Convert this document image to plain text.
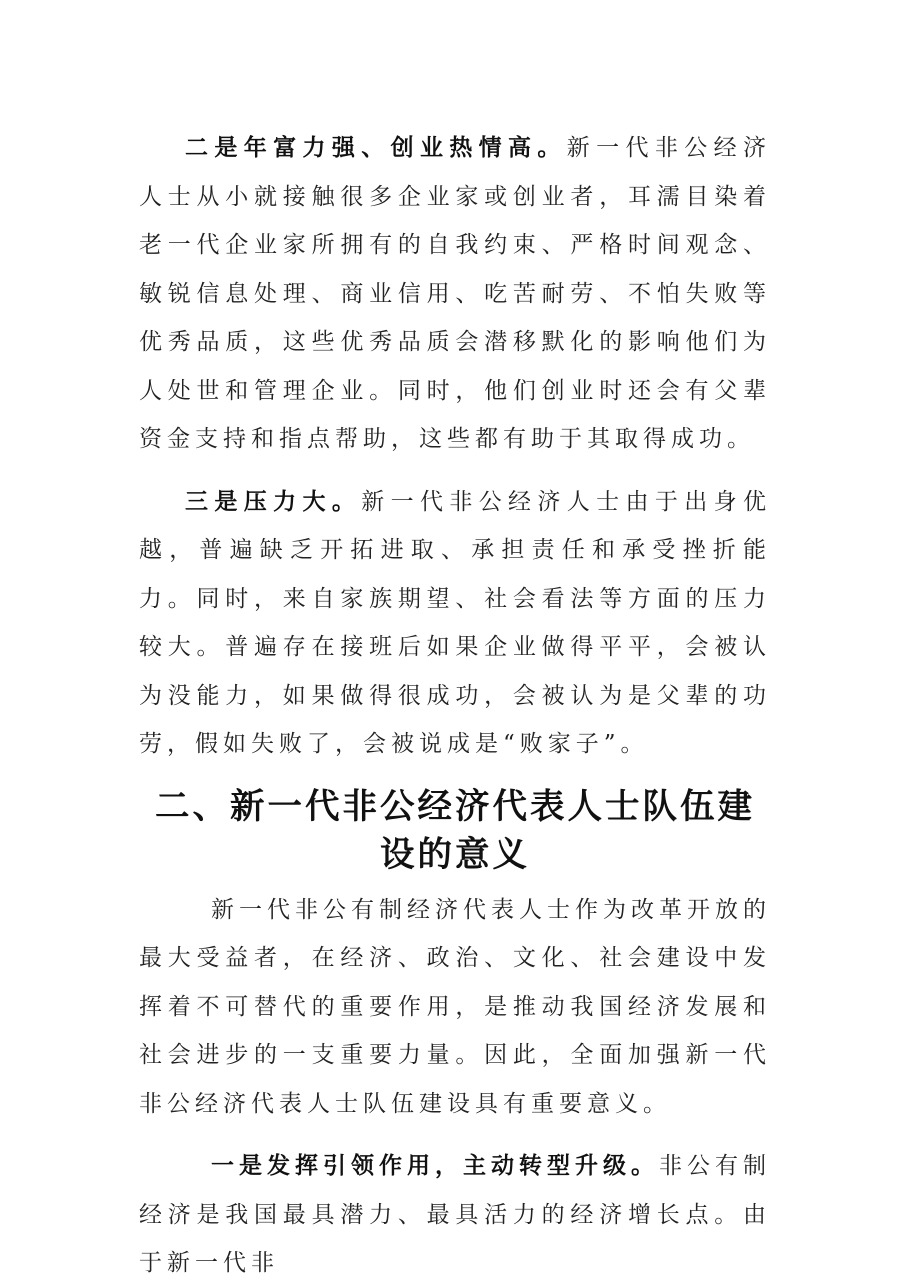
二是年富力强、创业热情高。新一代非公经济人士从小就接触很多企业家或创业者，耳濡目染着老一代企业家所拥有的自我约束、严格时间观念、敏锐信息处理、商业信用、吃苦耐劳、不怕失败等优秀品质，这些优秀品质会潜移默化的影响他们为人处世和管理企业。同时，他们创业时还会有父辈资金支持和指点帮助，这些都有助于其取得成功。

三是压力大。新一代非公经济人士由于出身优越，普遍缺乏开拓进取、承担责任和承受挫折能力。同时，来自家族期望、社会看法等方面的压力较大。普遍存在接班后如果企业做得平平，会被认为没能力，如果做得很成功，会被认为是父辈的功劳，假如失败了，会被说成是“败家子”。

二、新一代非公经济代表人士队伍建设的意义

新一代非公有制经济代表人士作为改革开放的最大受益者，在经济、政治、文化、社会建设中发挥着不可替代的重要作用，是推动我国经济发展和社会进步的一支重要力量。因此，全面加强新一代非公经济代表人士队伍建设具有重要意义。

一是发挥引领作用，主动转型升级。非公有制经济是我国最具潜力、最具活力的经济增长点。由于新一代非
